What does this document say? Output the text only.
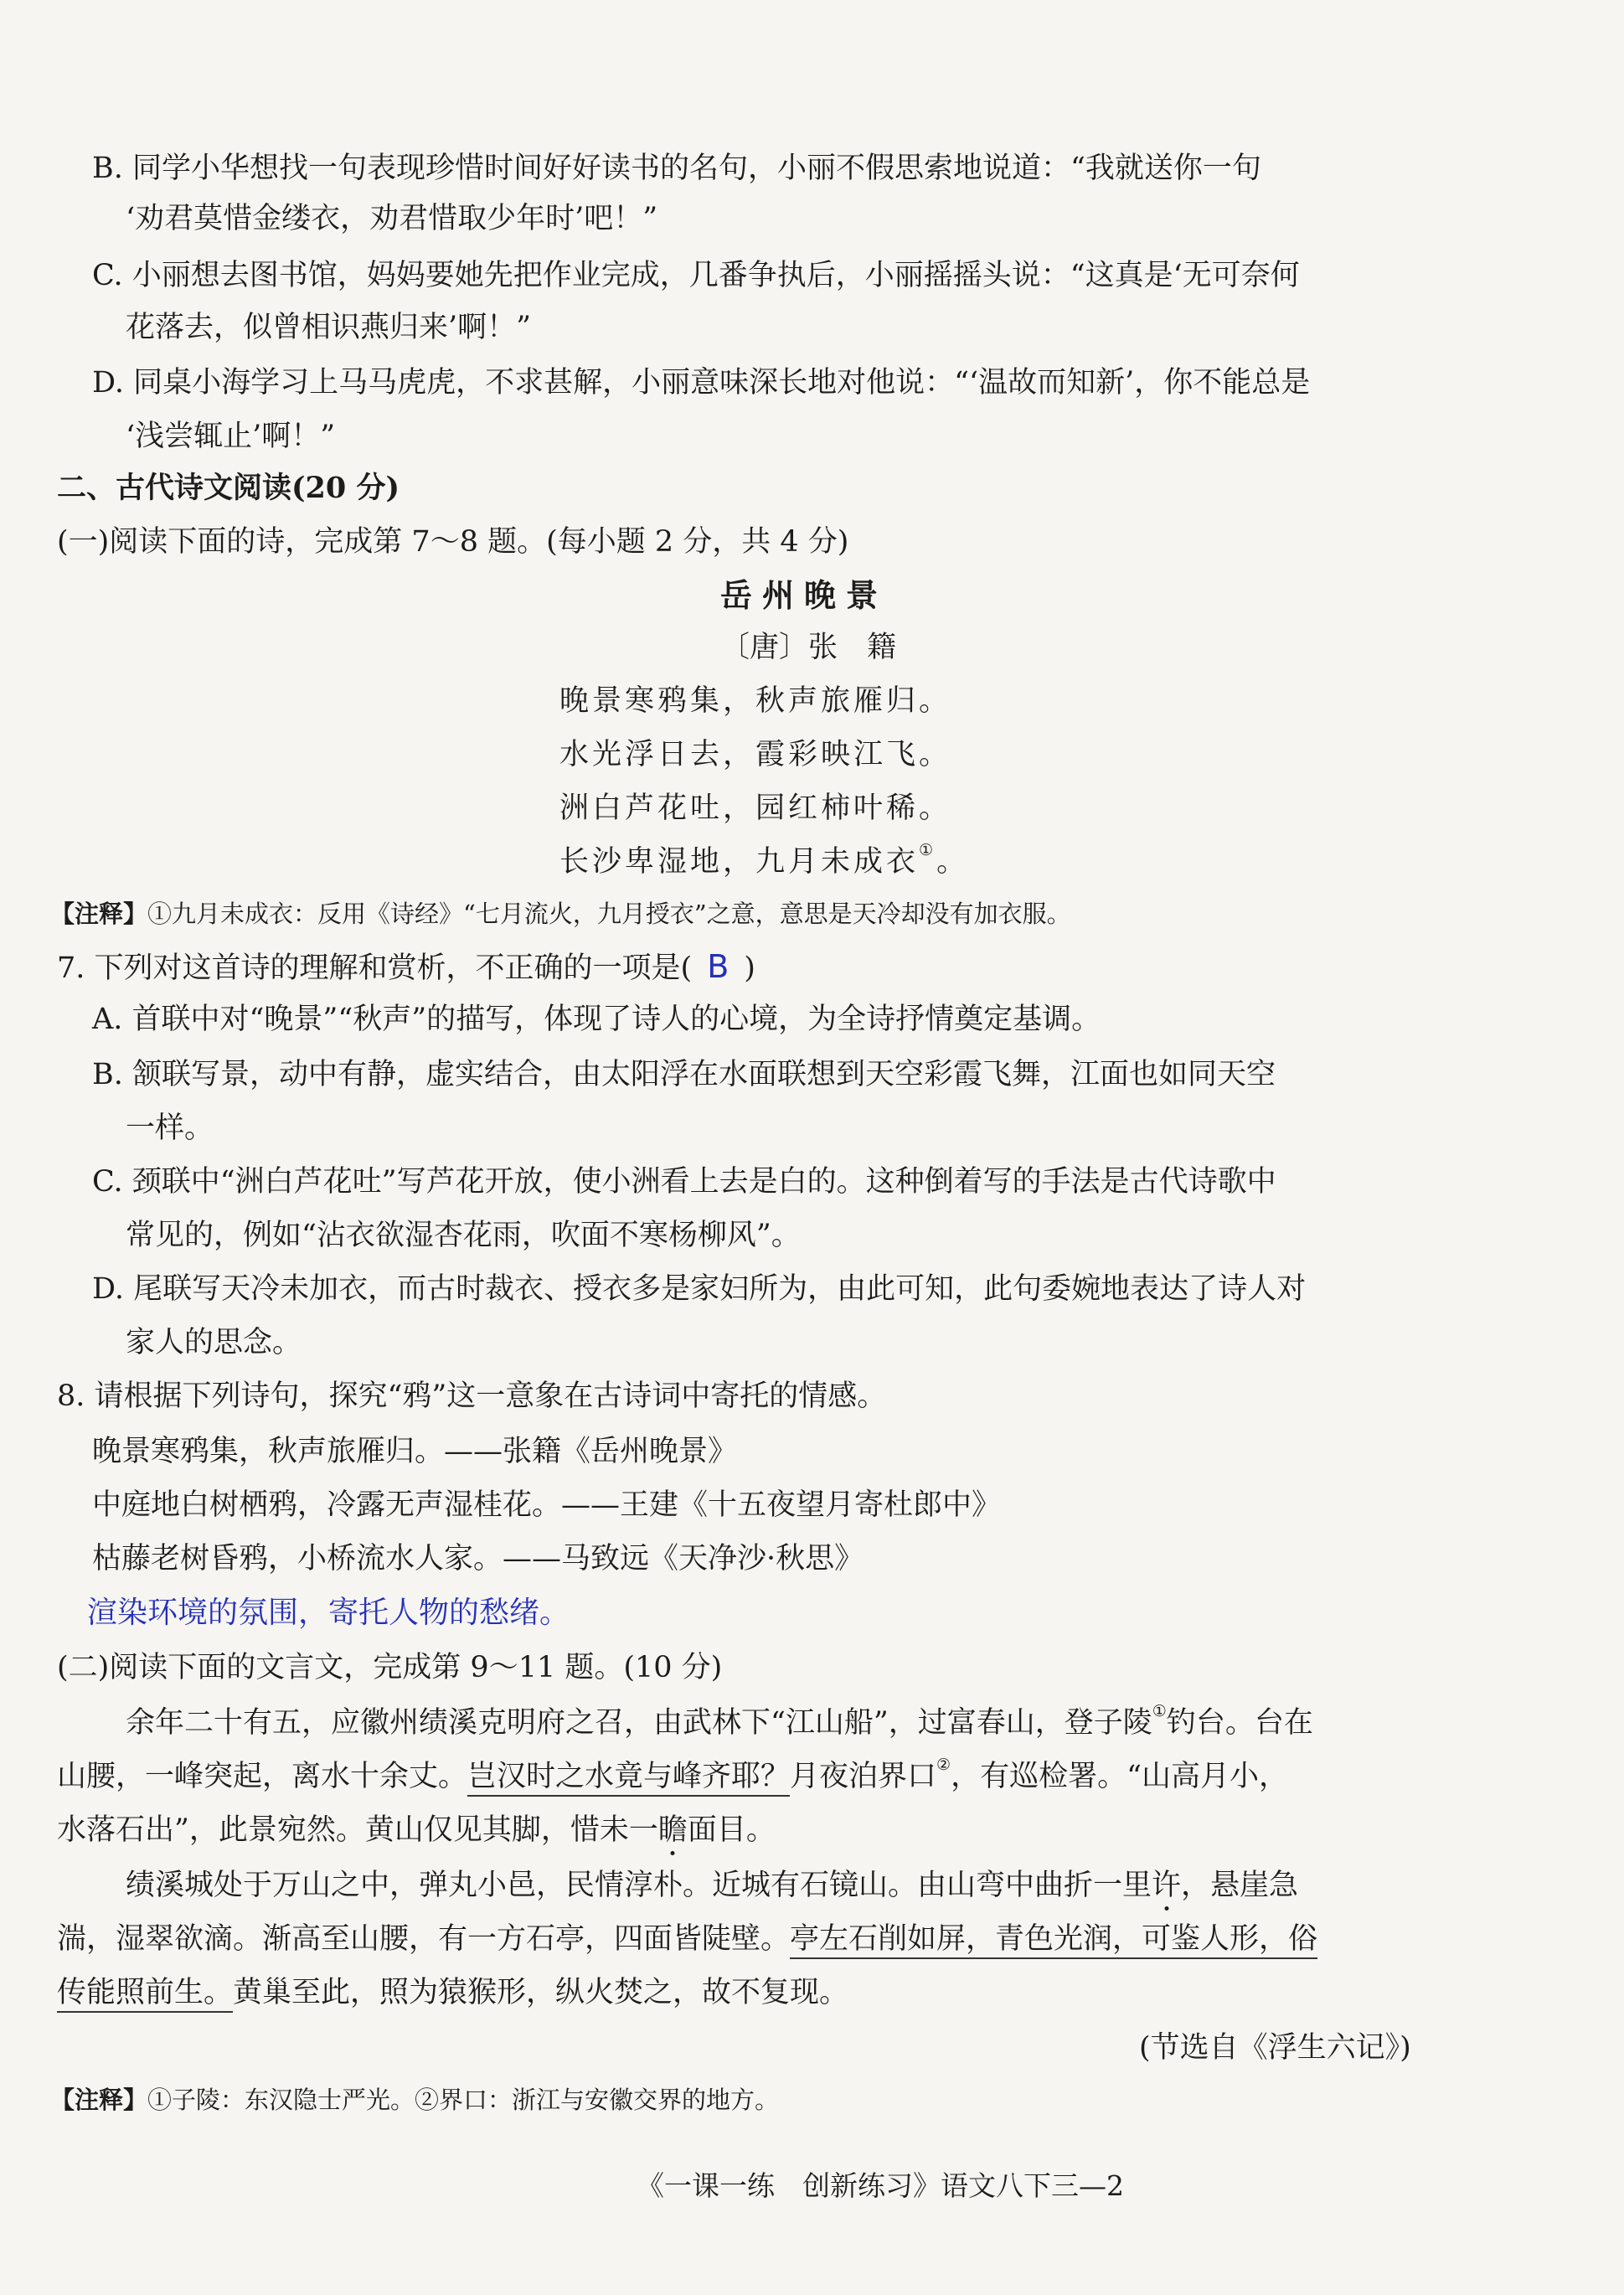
B. 同学小华想找一句表现珍惜时间好好读书的名句，小丽不假思索地说道：“我就送你一句
‘劝君莫惜金缕衣，劝君惜取少年时’吧！”
C. 小丽想去图书馆，妈妈要她先把作业完成，几番争执后，小丽摇摇头说：“这真是‘无可奈何
花落去，似曾相识燕归来’啊！”
D. 同桌小海学习上马马虎虎，不求甚解，小丽意味深长地对他说：“‘温故而知新’，你不能总是
‘浅尝辄止’啊！”
二、古代诗文阅读(20 分)
(一)阅读下面的诗，完成第 7～8 题。(每小题 2 分，共 4 分)
岳州晚景
〔唐〕张　籍
晚景寒鸦集，秋声旅雁归。
水光浮日去，霞彩映江飞。
洲白芦花吐，园红柿叶稀。
长沙卑湿地，九月未成衣①。
【注释】①九月未成衣：反用《诗经》“七月流火，九月授衣”之意，意思是天冷却没有加衣服。
7. 下列对这首诗的理解和赏析，不正确的一项是( B )
A. 首联中对“晚景”“秋声”的描写，体现了诗人的心境，为全诗抒情奠定基调。
B. 颔联写景，动中有静，虚实结合，由太阳浮在水面联想到天空彩霞飞舞，江面也如同天空
一样。
C. 颈联中“洲白芦花吐”写芦花开放，使小洲看上去是白的。这种倒着写的手法是古代诗歌中
常见的，例如“沾衣欲湿杏花雨，吹面不寒杨柳风”。
D. 尾联写天冷未加衣，而古时裁衣、授衣多是家妇所为，由此可知，此句委婉地表达了诗人对
家人的思念。
8. 请根据下列诗句，探究“鸦”这一意象在古诗词中寄托的情感。
晚景寒鸦集，秋声旅雁归。——张籍《岳州晚景》
中庭地白树栖鸦，冷露无声湿桂花。——王建《十五夜望月寄杜郎中》
枯藤老树昏鸦，小桥流水人家。——马致远《天净沙·秋思》
渲染环境的氛围，寄托人物的愁绪。
(二)阅读下面的文言文，完成第 9～11 题。(10 分)
余年二十有五，应徽州绩溪克明府之召，由武林下“江山船”，过富春山，登子陵①钓台。台在
山腰，一峰突起，离水十余丈。岂汉时之水竟与峰齐耶？月夜泊界口②，有巡检署。“山高月小，
水落石出”，此景宛然。黄山仅见其脚，惜未一瞻面目。
绩溪城处于万山之中，弹丸小邑，民情淳朴。近城有石镜山。由山弯中曲折一里许，悬崖急
湍，湿翠欲滴。渐高至山腰，有一方石亭，四面皆陡壁。亭左石削如屏，青色光润，可鉴人形，俗
传能照前生。黄巢至此，照为猿猴形，纵火焚之，故不复现。
(节选自《浮生六记》)
【注释】①子陵：东汉隐士严光。②界口：浙江与安徽交界的地方。
《一课一练　创新练习》语文八下三—2
